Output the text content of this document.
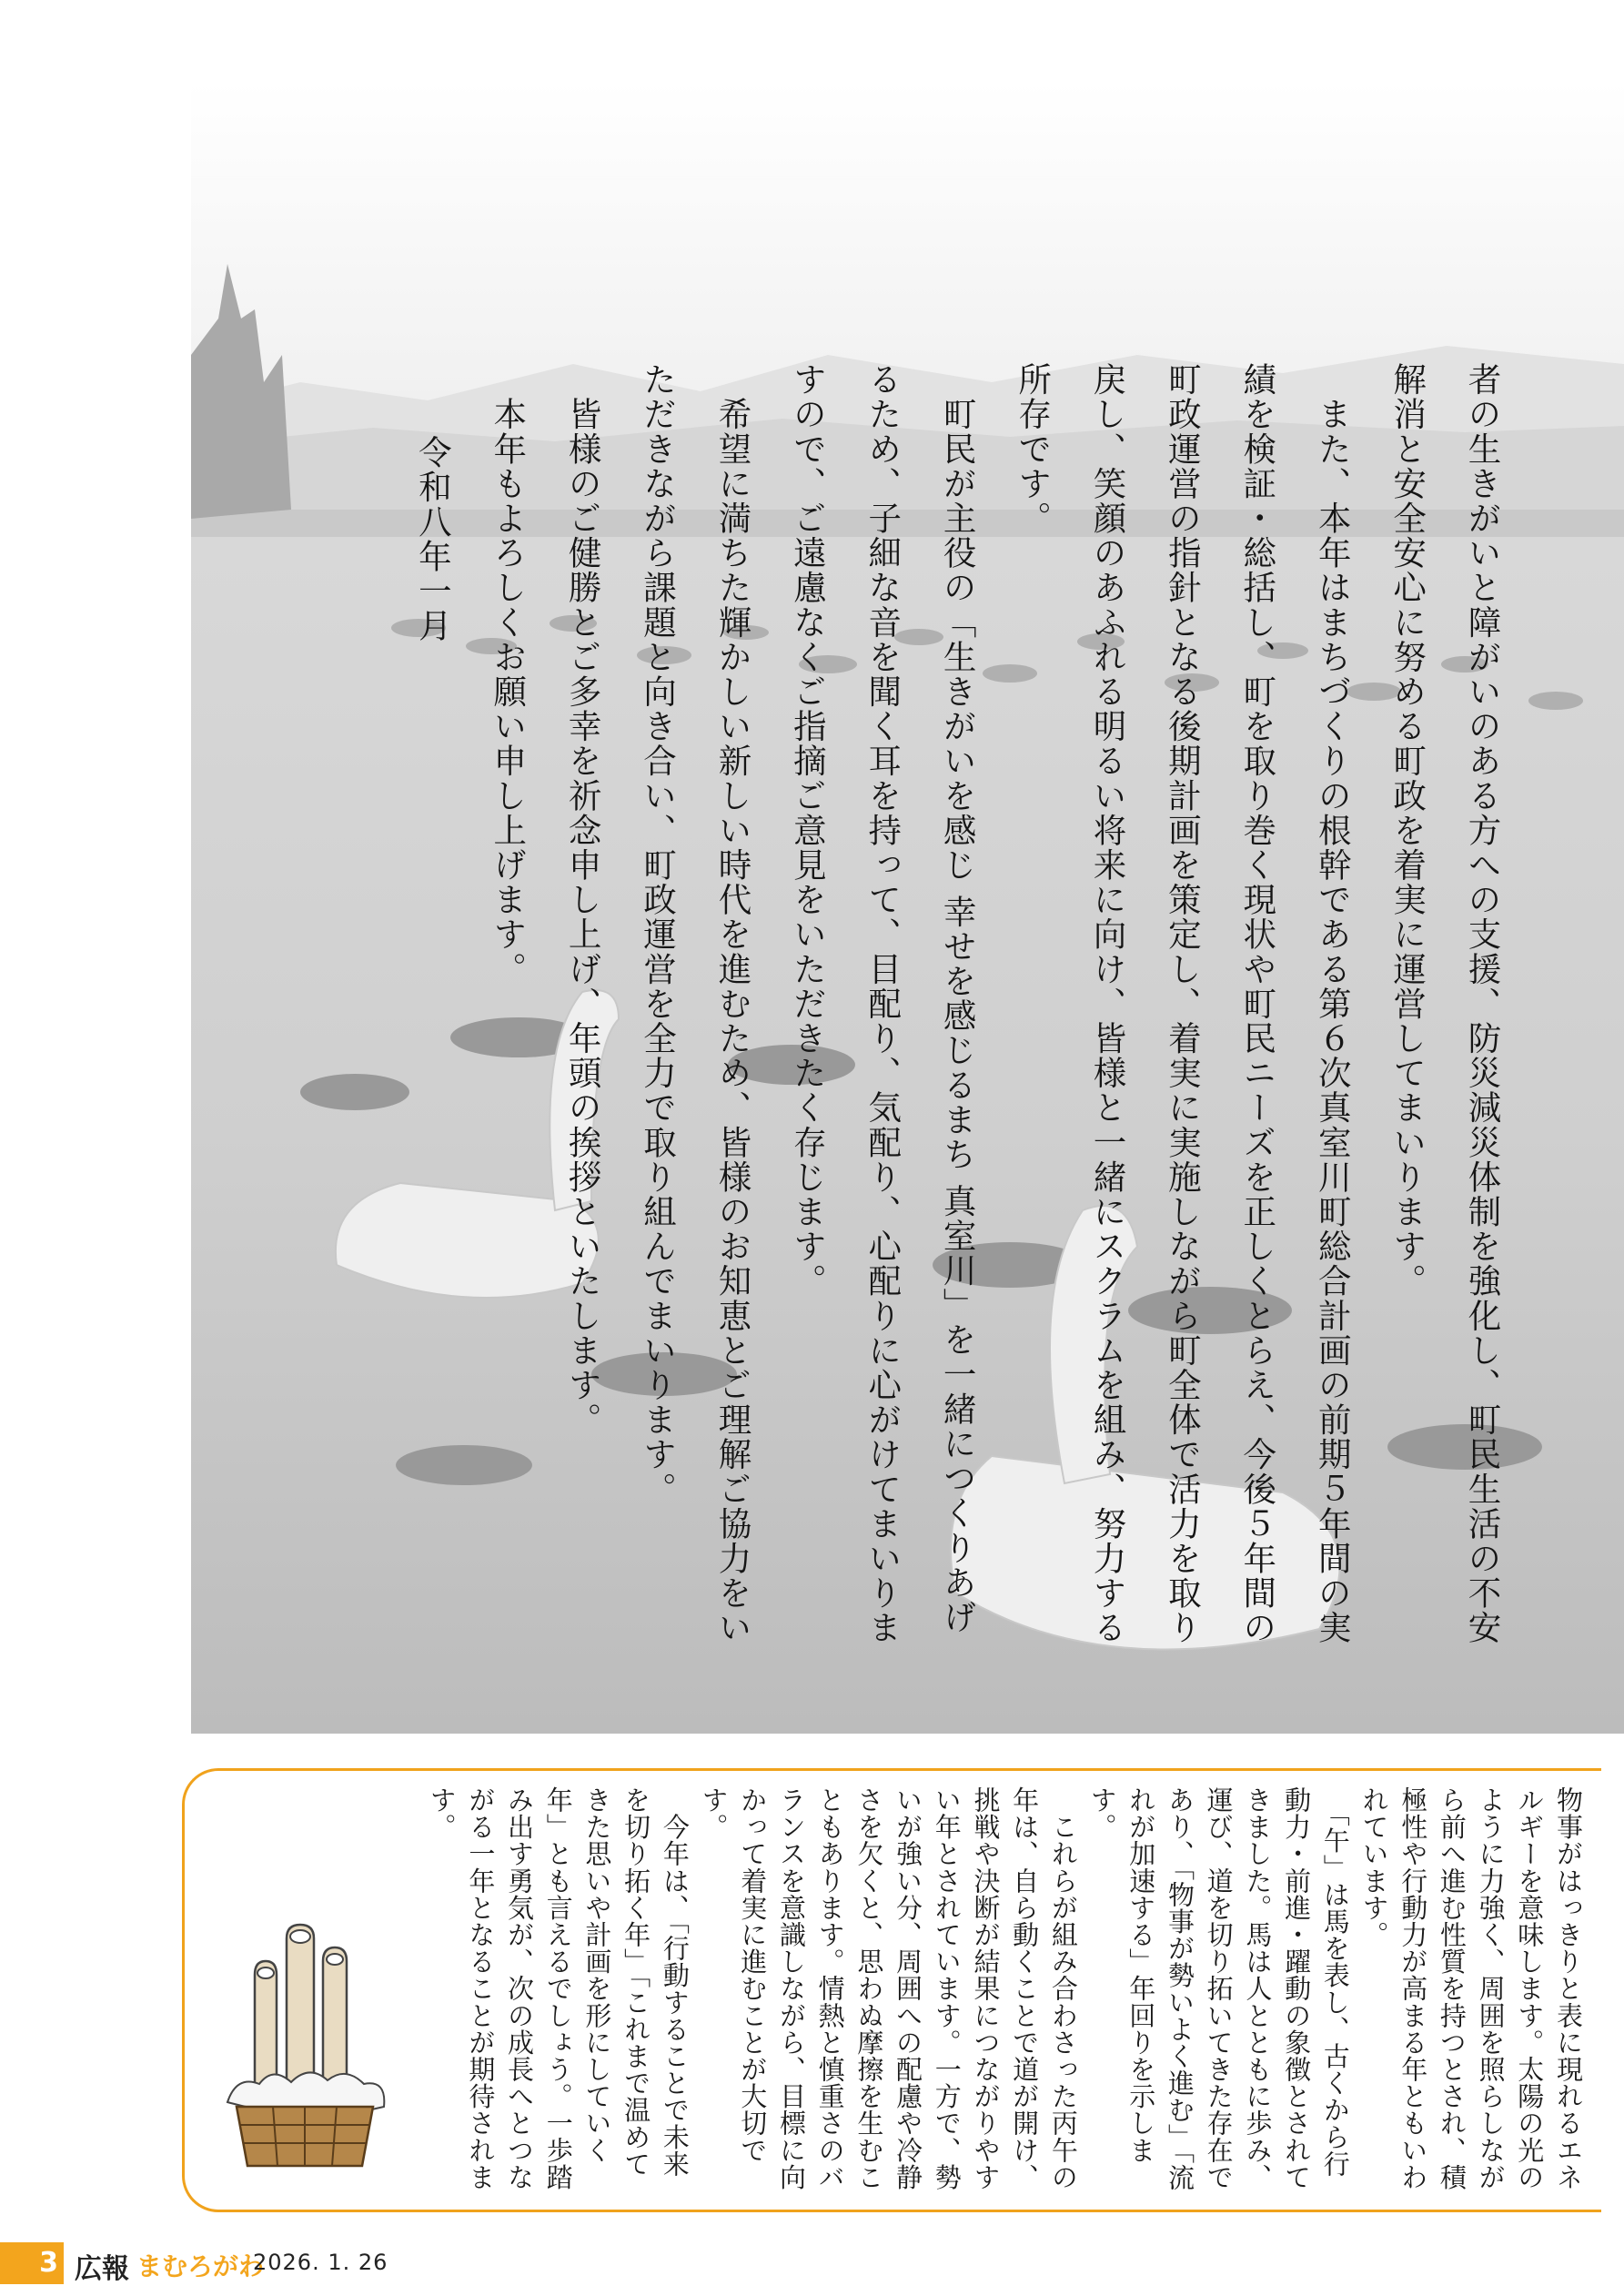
者の生きがいと障がいのある方への支援、防災減災体制を強化し、町民生活の不安解消と安全安心に努める町政を着実に運営してまいります。

　また、本年はまちづくりの根幹である第６次真室川町総合計画の前期５年間の実績を検証・総括し、町を取り巻く現状や町民ニーズを正しくとらえ、今後５年間の町政運営の指針となる後期計画を策定し、着実に実施しながら町全体で活力を取り戻し、笑顔のあふれる明るい将来に向け、皆様と一緒にスクラムを組み、努力する所存です。

　町民が主役の「生きがいを感じ 幸せを感じるまち 真室川」を一緒につくりあげるため、子細な音を聞く耳を持って、目配り、気配り、心配りに心がけてまいりますので、ご遠慮なくご指摘ご意見をいただきたく存じます。

　希望に満ちた輝かしい新しい時代を進むため、皆様のお知恵とご理解ご協力をいただきながら課題と向き合い、町政運営を全力で取り組んでまいります。

　皆様のご健勝とご多幸を祈念申し上げ、年頭の挨拶といたします。

　本年もよろしくお願い申し上げます。

令和八年一月

物事がはっきりと表に現れるエネルギーを意味します。太陽の光のように力強く、周囲を照らしながら前へ進む性質を持つとされ、積極性や行動力が高まる年ともいわれています。

　「午」は馬を表し、古くから行動力・前進・躍動の象徴とされてきました。馬は人とともに歩み、運び、道を切り拓いてきた存在であり、「物事が勢いよく進む」「流れが加速する」年回りを示します。

　これらが組み合わさった丙午の年は、自ら動くことで道が開け、挑戦や決断が結果につながりやすい年とされています。一方で、勢いが強い分、周囲への配慮や冷静さを欠くと、思わぬ摩擦を生むこともあります。情熱と慎重さのバランスを意識しながら、目標に向かって着実に進むことが大切です。

　今年は、「行動することで未来を切り拓く年」「これまで温めてきた思いや計画を形にしていく年」とも言えるでしょう。一歩踏み出す勇気が、次の成長へとつながる一年となることが期待されます。

3 広報 まむろがわ
2026. 1. 26
